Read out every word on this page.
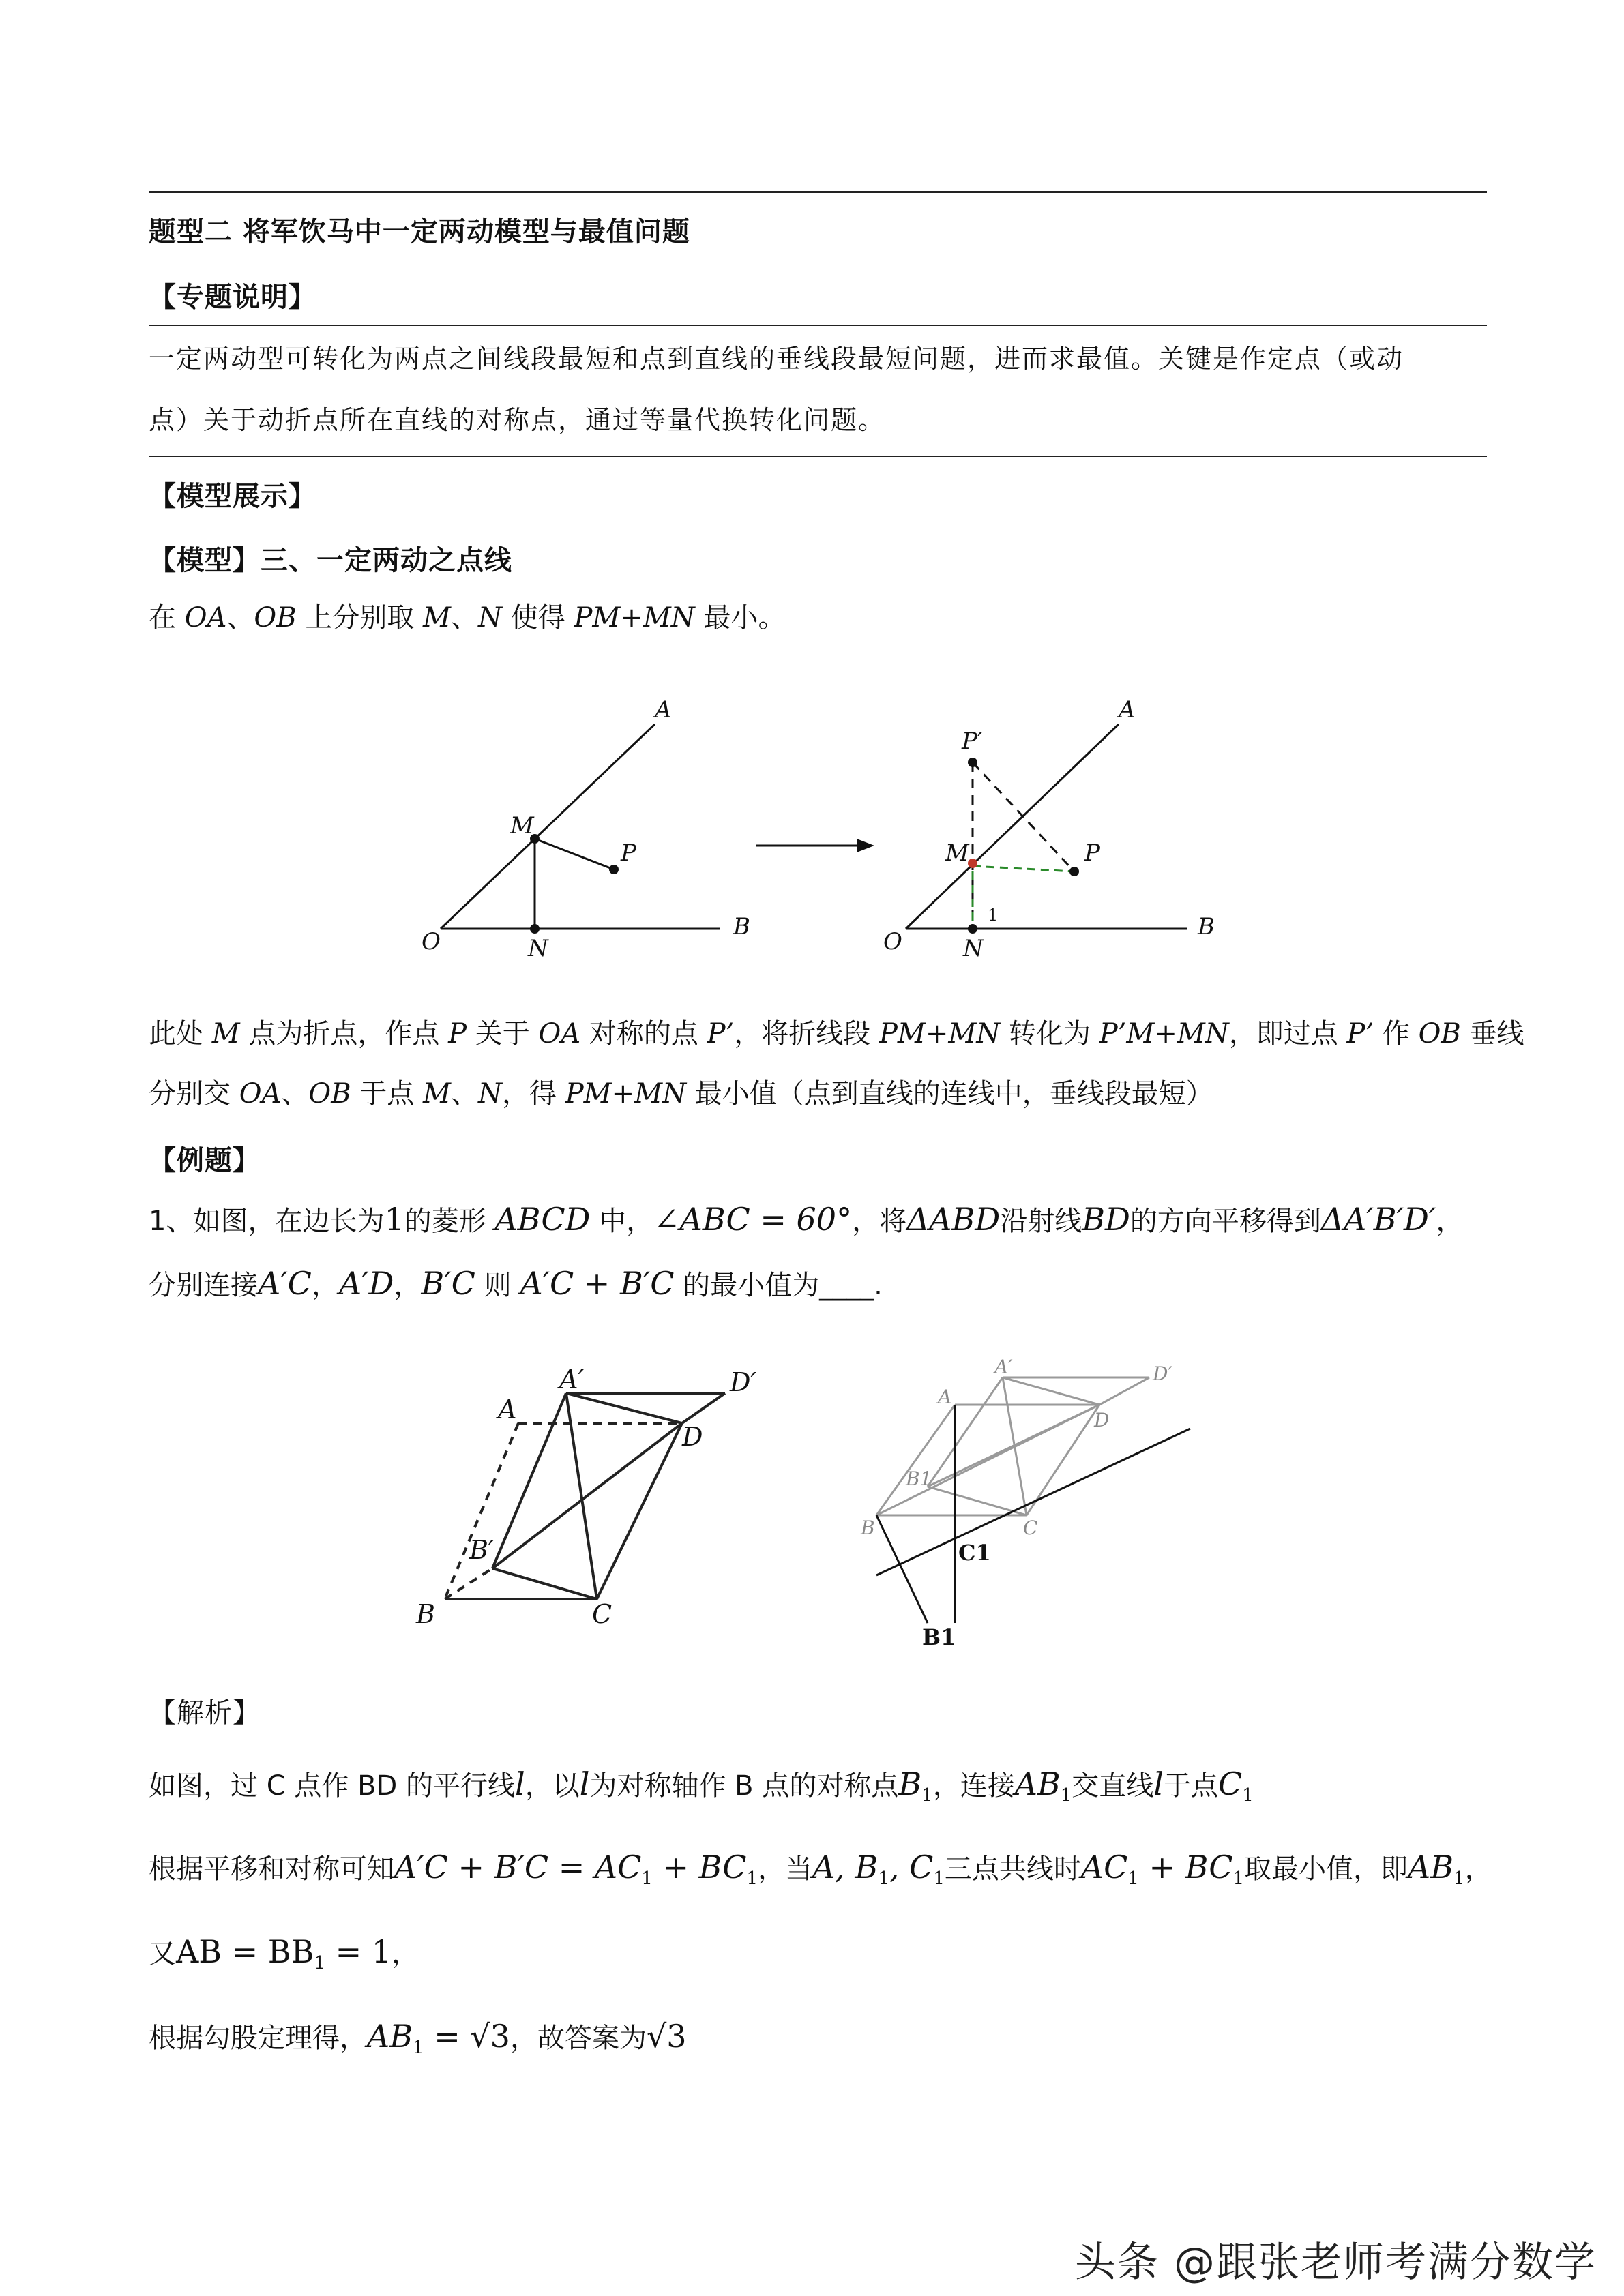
题型二 将军饮马中一定两动模型与最值问题
【专题说明】
一定两动型可转化为两点之间线段最短和点到直线的垂线段最短问题，进而求最值。关键是作定点（或动
点）关于动折点所在直线的对称点，通过等量代换转化问题。
【模型展示】
【模型】三、一定两动之点线
在 OA、OB 上分别取 M、N 使得 PM+MN 最小。
A
B
O
M
N
P
A
B
O
M
N
P
P′
1
此处 M 点为折点，作点 P 关于 OA 对称的点 P’，将折线段 PM+MN 转化为 P’M+MN，即过点 P’ 作 OB 垂线
分别交 OA、OB 于点 M、N，得 PM+MN 最小值（点到直线的连线中，垂线段最短）
【例题】
1、如图，在边长为1的菱形 ABCD 中，∠ABC = 60°，将ΔABD沿射线BD的方向平移得到ΔA′B′D′，
分别连接A′C，A′D，B′C 则 A′C + B′C 的最小值为____.
A
A′	D′
D
B′
B	C
A
A′	D′
D
B1
B	C
C1
B1
【解析】
如图，过 C 点作 BD 的平行线l，以l为对称轴作 B 点的对称点$B_1$，连接$AB_1$交直线l于点$C_1$
根据平移和对称可知$A'C + B'C = AC_1 + BC_1$，当A, $B_1$, $C_1$三点共线时$AC_1 + BC_1$取最小值，即$AB_1$，
又AB = $BB_1 = 1$，
根据勾股定理得，$AB_1 = √3$，故答案为√3
头条 @跟张老师考满分数学
